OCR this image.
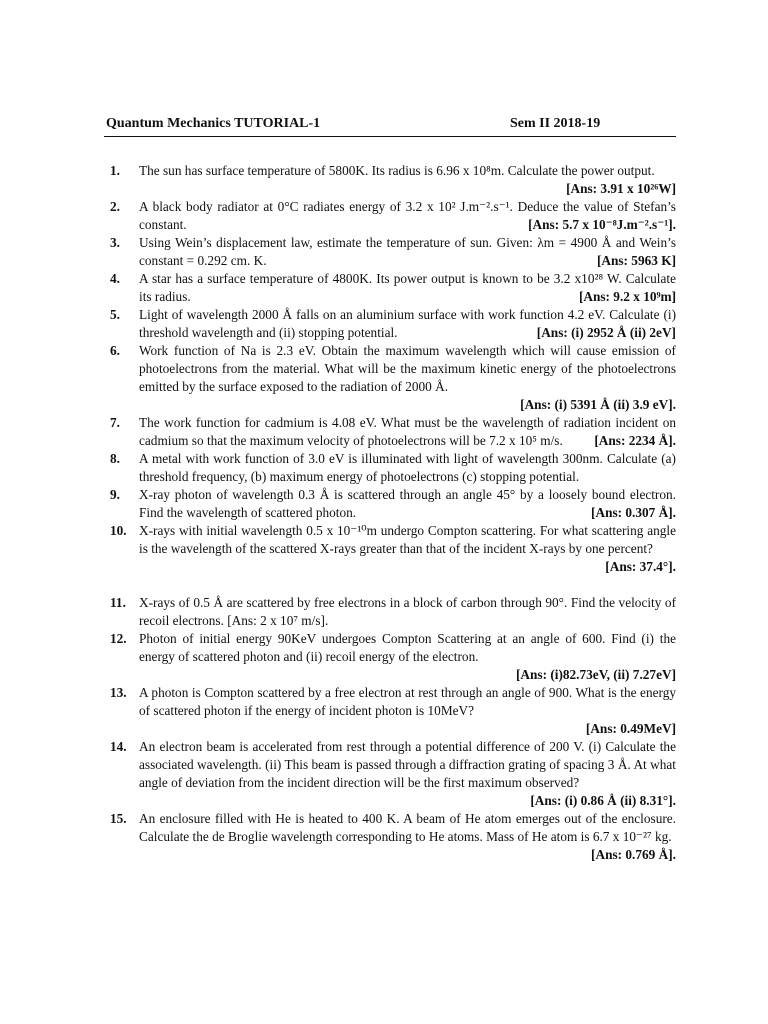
Quantum Mechanics TUTORIAL-1	Sem II 2018-19
1. The sun has surface temperature of 5800K. Its radius is 6.96 x 10⁸m. Calculate the power output.
[Ans: 3.91 x 10²⁶W]
2. A black body radiator at 0°C radiates energy of 3.2 x 10² J.m⁻².s⁻¹. Deduce the value of Stefan’s constant.	[Ans: 5.7 x 10⁻⁸J.m⁻².s⁻¹].
3. Using Wein’s displacement law, estimate the temperature of sun. Given: λm = 4900 Å and Wein’s constant = 0.292 cm. K.	[Ans: 5963 K]
4. A star has a surface temperature of 4800K. Its power output is known to be 3.2 x10²⁸ W. Calculate its radius.	[Ans: 9.2 x 10⁹m]
5. Light of wavelength 2000 Å falls on an aluminium surface with work function 4.2 eV. Calculate (i) threshold wavelength and (ii) stopping potential.	[Ans: (i) 2952 Å (ii) 2eV]
6. Work function of Na is 2.3 eV. Obtain the maximum wavelength which will cause emission of photoelectrons from the material. What will be the maximum kinetic energy of the photoelectrons emitted by the surface exposed to the radiation of 2000 Å.
[Ans: (i) 5391 Å (ii) 3.9 eV].
7. The work function for cadmium is 4.08 eV. What must be the wavelength of radiation incident on cadmium so that the maximum velocity of photoelectrons will be 7.2 x 10⁵ m/s. [Ans: 2234 Å].
8. A metal with work function of 3.0 eV is illuminated with light of wavelength 300nm. Calculate (a) threshold frequency, (b) maximum energy of photoelectrons (c) stopping potential.
9. X-ray photon of wavelength 0.3 Å is scattered through an angle 45° by a loosely bound electron. Find the wavelength of scattered photon.	[Ans: 0.307 Å].
10. X-rays with initial wavelength 0.5 x 10⁻¹⁰m undergo Compton scattering. For what scattering angle is the wavelength of the scattered X-rays greater than that of the incident X-rays by one percent?
[Ans: 37.4°].
11. X-rays of 0.5 Å are scattered by free electrons in a block of carbon through 90°. Find the velocity of recoil electrons. [Ans: 2 x 10⁷ m/s].
12. Photon of initial energy 90KeV undergoes Compton Scattering at an angle of 600. Find (i) the energy of scattered photon and (ii) recoil energy of the electron.
[Ans: (i)82.73eV, (ii) 7.27eV]
13. A photon is Compton scattered by a free electron at rest through an angle of 900. What is the energy of scattered photon if the energy of incident photon is 10MeV?
[Ans: 0.49MeV]
14. An electron beam is accelerated from rest through a potential difference of 200 V. (i) Calculate the associated wavelength. (ii) This beam is passed through a diffraction grating of spacing 3 Å. At what angle of deviation from the incident direction will be the first maximum observed?
[Ans: (i) 0.86 Å (ii) 8.31°].
15. An enclosure filled with He is heated to 400 K. A beam of He atom emerges out of the enclosure. Calculate the de Broglie wavelength corresponding to He atoms. Mass of He atom is 6.7 x 10⁻²⁷ kg.
[Ans: 0.769 Å].
